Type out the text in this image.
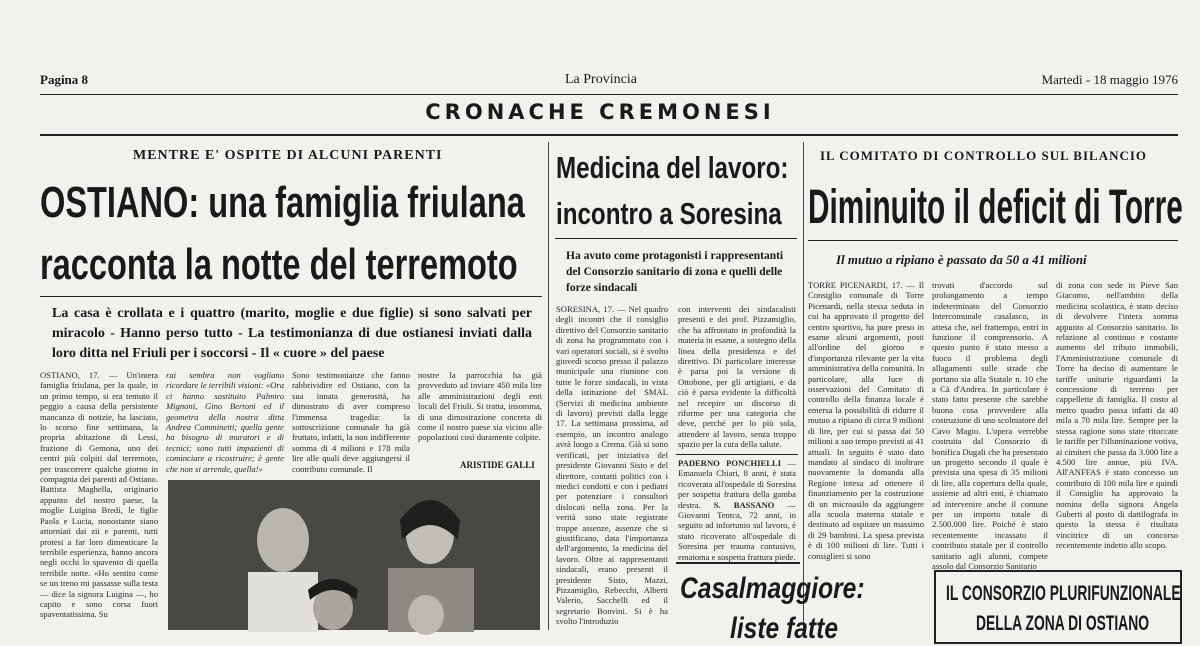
Pagina 8	La Provincia	Martedì - 18 maggio 1976
CRONACHE CREMONESI
MENTRE E' OSPITE DI ALCUNI PARENTI
OSTIANO: una famiglia friulana
racconta la notte del terremoto
La casa è crollata e i quattro (marito, moglie e due figlie) si sono salvati per miracolo - Hanno perso tutto - La testimonianza di due ostianesi inviati dalla loro ditta nel Friuli per i soccorsi - Il « cuore » del paese
OSTIANO, 17. — Un'intera famiglia friulana, per la quale, in un primo tempo, si era temuto il peggio a causa della persistente mancanza di notizie, ha lasciato, lo scorso fine settimana, la propria abitazione di Lessi, frazione di Gemona, uno dei centri più colpiti dal terremoto, per trascorrere qualche giorno in compagnia dei parenti ad Ostiano. Battista Maghella, originario appunto del nostro paese, la moglie Luigina Bredi, le figlie Paola e Lucia, nonostante siano attorniati dai zii e parenti, tutti protesi a far loro dimenticare la terribile esperienza, hanno ancora negli occhi lo spavento di quella terribile notte. «Ho sentito come se un treno mi passasse sulla testa — dice la signora Luigina —, ho capito e sono corsa fuori spaventatissima. Su
rai sembra non vogliano ricordare le terribili visioni: «Ora ci hanno sostituito Palmiro Mignoni, Gino Bertoni ed il geometra della nostra ditta Andrea Comminetti; quella gente ha bisogno di muratori e di tecnici; sono tutti impazienti di cominciare a ricostruire; è gente che non si arrende, quella!»
Sono testimonianze che fanno rabbrividire ed Ostiano, con la sua innata generosità, ha dimostrato di aver compreso l'immensa tragedia: la sottoscrizione comunale ha già fruttato, infatti, la non indifferente somma di 4 milioni e 178 mila lire alle quali deve aggiungersi il contributo comunale. Il
nostre la parrocchia ha già provveduto ad inviare 450 mila lire alle amministrazioni degli enti locali del Friuli. Si tratta, insomma, di una dimostrazione concreta di come il nostro paese sia vicino alle popolazioni così duramente colpite.
ARISTIDE GALLI
Medicina del lavoro:
incontro a Soresina
Ha avuto come protagonisti i rappresentanti del Consorzio sanitario di zona e quelli delle forze sindacali
SORESINA, 17. — Nel quadro degli incontri che il consiglio direttivo del Consorzio sanitario di zona ha programmato con i vari operatori sociali, si è svolto giovedì scorso presso il palazzo municipale una riunione con tutte le forze sindacali, in vista della istituzione del SMAL (Servizi di medicina ambiente di lavoro) previsti dalla legge 17. La settimana prossima, ad esempio, un incontro analogo avrà luogo a Crema. Già si sono verificati, per iniziativa del presidente Giovanni Sisto e del direttore, contatti politici con i medici condotti e con i pediatri per potenziare i consultori dislocati nella zona. Per la verità sono state registrate troppe assenze, assenze che si giustificano, data l'importanza dell'argomento, la medicina del lavoro. Oltre ai rappresentanti sindacali, erano presenti il presidente Sisto, Mazzi, Pizzamiglio, Rebecchi, Alberti Valerio, Sacchelli ed il segretario Bonvini. Si è ha svolto l'introduzio
con interventi dei sindacalisti presenti e dei prof. Pizzamiglio, che ha affrontato in profondità la materia in esame, a sostegno della linea della presidenza e del direttivo. Di particolare interesse è parsa poi la versione di Ottobone, per gli artigiani, e da ciò è parsa evidente la difficoltà nel recepire un discorso di riforme per una categoria che deve, perché per lo più sola, attendere al lavoro, senza troppo spazio per la cura della salute.
PADERNO PONCHIELLI — Emanuela Chiari, 8 anni, è stata ricoverata all'ospedale di Soresina per sospetta frattura della gamba destra. S. BASSANO — Giovanni Tentca, 72 anni, in seguito ad infortunio sul lavoro, è stato ricoverato all'ospedale di Soresina per trauma contusivo, ematoma e sospetta frattura piede.
Casalmaggiore:
liste fatte
IL COMITATO DI CONTROLLO SUL BILANCIO
Diminuito il deficit di Torre
Il mutuo a ripiano è passato da 50 a 41 milioni
TORRE PICENARDI, 17. — Il Consiglio comunale di Torre Picenardi, nella stessa seduta in cui ha approvato il progetto del centro sportivo, ha pure preso in esame alcuni argomenti, posti all'ordine del giorno e d'importanza rilevante per la vita amministrativa della comunità. In particolare, alla luce di osservazioni del Comitato di controllo della finanza locale è emersa la possibilità di ridurre il mutuo a ripiano di circa 9 milioni di lire, per cui si passa dai 50 milioni a suo tempo previsti ai 41 attuali. In seguito è stato dato mandato al sindaco di inoltrare nuovamente la domanda alla Regione intesa ad ottenere il finanziamento per la costruzione di un microasilo da aggiungere alla scuola materna statale e destinato ad ospitare un massimo di 29 bambini. La spesa prevista è di 100 milioni di lire. Tutti i consiglieri si sono
trovati d'accordo sul prolungamento a tempo indeterminato del Consorzio Intercomunale casalasco, in attesa che, nel frattempo, entri in funzione il comprensorio. A questo punto è stato messo a fuoco il problema degli allagamenti sulle strade che portano sia alla Statale n. 10 che a Cà d'Andrea. In particolare è stato fatto presente che sarebbe buona cosa provvedere alla costruzione di uno scolmatore del Cavo Magio. L'opera verrebbe costruita dal Consorzio di bonifica Dugali che ha presentato un progetto secondo il quale è prevista una spesa di 35 milioni di lire, alla copertura della quale, assieme ad altri enti, è chiamato ad intervenire anche il comune per un importo totale di 2.500.000 lire. Poiché è stato recentemente incassato il contributo statale per il controllo sanitario agli alunni, compete assolo dal Consorzio Sanitario
di zona con sede in Pieve San Giacomo, nell'ambito della medicina scolastica, è stato deciso di devolvere l'intera somma appunto al Consorzio sanitario. In relazione al continuo e costante aumento del tributo immobili, l'Amministrazione comunale di Torre ha deciso di aumentare le tariffe unitarie riguardanti la concessione di terreno per cappellette di famiglia. Il costo al metro quadro passa infatti da 40 mila a 70 mila lire. Sempre per la stessa ragione sono state ritoccate le tariffe per l'illuminazione votiva, ai cimiteri che passa da 3.000 lire a 4.500 lire annue, più IVA. All'ANFFAS è stato concesso un contributo di 100 mila lire e quindi il Consiglio ha approvato la nomina della signora Angela Guberti al posto di dattilografa in questo la stessa è risultata vincitrice di un concorso recentemente indetto allo scopo.
IL CONSORZIO PLURIFUNZIONALE
DELLA ZONA DI OSTIANO
